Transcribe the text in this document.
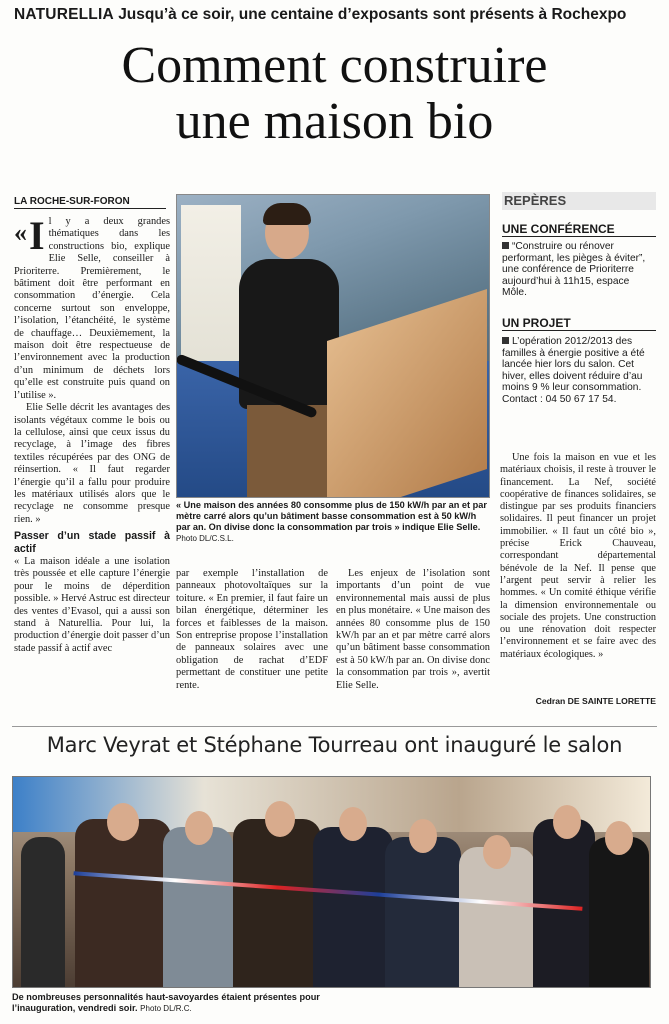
NATURELLIA Jusqu’à ce soir, une centaine d’exposants sont présents à Rochexpo
Comment construire
une maison bio
LA ROCHE-SUR-FORON

« I l y a deux grandes thématiques dans les constructions bio, explique Elie Selle, conseiller à Prioriterre. Premièrement, le bâtiment doit être performant en consommation d’énergie. Cela concerne surtout son enveloppe, l’isolation, l’étanchéité, le système de chauffage… Deuxièmement, la maison doit être respectueuse de l’environnement avec la production d’un minimum de déchets lors qu’elle est construite puis quand on l’utilise ».

Elie Selle décrit les avantages des isolants végétaux comme le bois ou la cellulose, ainsi que ceux issus du recyclage, à l’image des fibres textiles récupérées par des ONG de réinsertion. « Il faut regarder l’énergie qu’il a fallu pour produire les matériaux utilisés alors que le recyclage ne consomme presque rien. »

Passer d’un stade passif à actif

« La maison idéale a une isolation très poussée et elle capture l’énergie pour le moins de déperdition possible. » Hervé Astruc est directeur des ventes d’Evasol, qui a aussi son stand à Naturellia. Pour lui, la production d’énergie doit passer d’un stade passif à actif avec

« Une maison des années 80 consomme plus de 150 kW/h par an et par mètre carré alors qu’un bâtiment basse consommation est à 50 kW/h par an. On divise donc la consommation par trois » indique Elie Selle. Photo DL/C.S.L.

par exemple l’installation de panneaux photovoltaïques sur la toiture. « En premier, il faut faire un bilan énergétique, déterminer les forces et faiblesses de la maison. Son entreprise propose l’installation de panneaux solaires avec une obligation de rachat d’EDF permettant de constituer une petite rente.

Les enjeux de l’isolation sont importants d’un point de vue environnemental mais aussi de plus en plus monétaire. « Une maison des années 80 consomme plus de 150 kW/h par an et par mètre carré alors qu’un bâtiment basse consommation est à 50 kW/h par an. On divise donc la consommation par trois », avertit Elie Selle.

REPÈRES
UNE CONFÉRENCE
“Construire ou rénover performant, les pièges à éviter”, une conférence de Prioriterre aujourd’hui à 11h15, espace Môle.
UN PROJET
L’opération 2012/2013 des familles à énergie positive a été lancée hier lors du salon. Cet hiver, elles doivent réduire d’au moins 9 % leur consommation. Contact : 04 50 67 17 54.

Une fois la maison en vue et les matériaux choisis, il reste à trouver le financement. La Nef, société coopérative de finances solidaires, se distingue par ses produits financiers solidaires. Il peut financer un projet immobilier. « Il faut un côté bio », précise Erick Chauveau, correspondant départemental bénévole de la Nef. Il pense que l’argent peut servir à relier les hommes. « Un comité éthique vérifie la dimension environnementale ou sociale des projets. Une construction ou une rénovation doit respecter l’environnement et se faire avec des matériaux écologiques. »

Cedran DE SAINTE LORETTE
Marc Veyrat et Stéphane Tourreau ont inauguré le salon
De nombreuses personnalités haut-savoyardes étaient présentes pour l’inauguration, vendredi soir. Photo DL/R.C.
